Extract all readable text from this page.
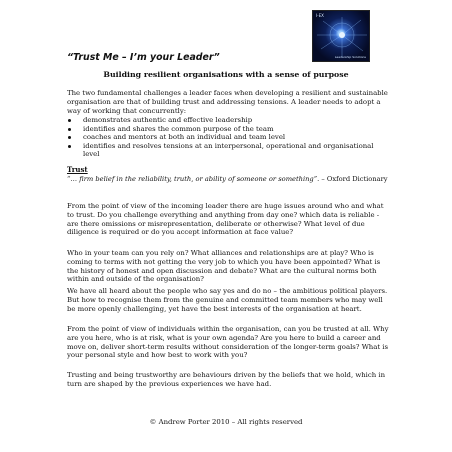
I-EX
Leadership Solutions

“Trust Me – I’m your Leader”

Building resilient organisations with a sense of purpose

The two fundamental challenges a leader faces when developing a resilient and sustainable organisation are that of building trust and addressing tensions. A leader needs to adopt a way of working that concurrently:

demonstrates authentic and effective leadership
identifies and shares the common purpose of the team
coaches and mentors at both an individual and team level
identifies and resolves tensions at an interpersonal, operational and organisational level

Trust

“… firm belief in the reliability, truth, or ability of someone or something”. – Oxford Dictionary

From the point of view of the incoming leader there are huge issues around who and what to trust. Do you challenge everything and anything from day one? which data is reliable - are there omissions or misrepresentation, deliberate or otherwise? What level of due diligence is required or do you accept information at face value?

Who in your team can you rely on? What alliances and relationships are at play? Who is coming to terms with not getting the very job to which you have been appointed? What is the history of honest and open discussion and debate? What are the cultural norms both within and outside of the organisation?

We have all heard about the people who say yes and do no – the ambitious political players. But how to recognise them from the genuine and committed team members who may well be more openly challenging, yet have the best interests of the organisation at heart.

From the point of view of individuals within the organisation, can you be trusted at all. Why are you here, who is at risk, what is your own agenda? Are you here to build a career and move on, deliver short-term results without consideration of the longer-term goals? What is your personal style and how best to work with you?

Trusting and being trustworthy are behaviours driven by the beliefs that we hold, which in turn are shaped by the previous experiences we have had.

© Andrew Porter 2010 – All rights reserved
